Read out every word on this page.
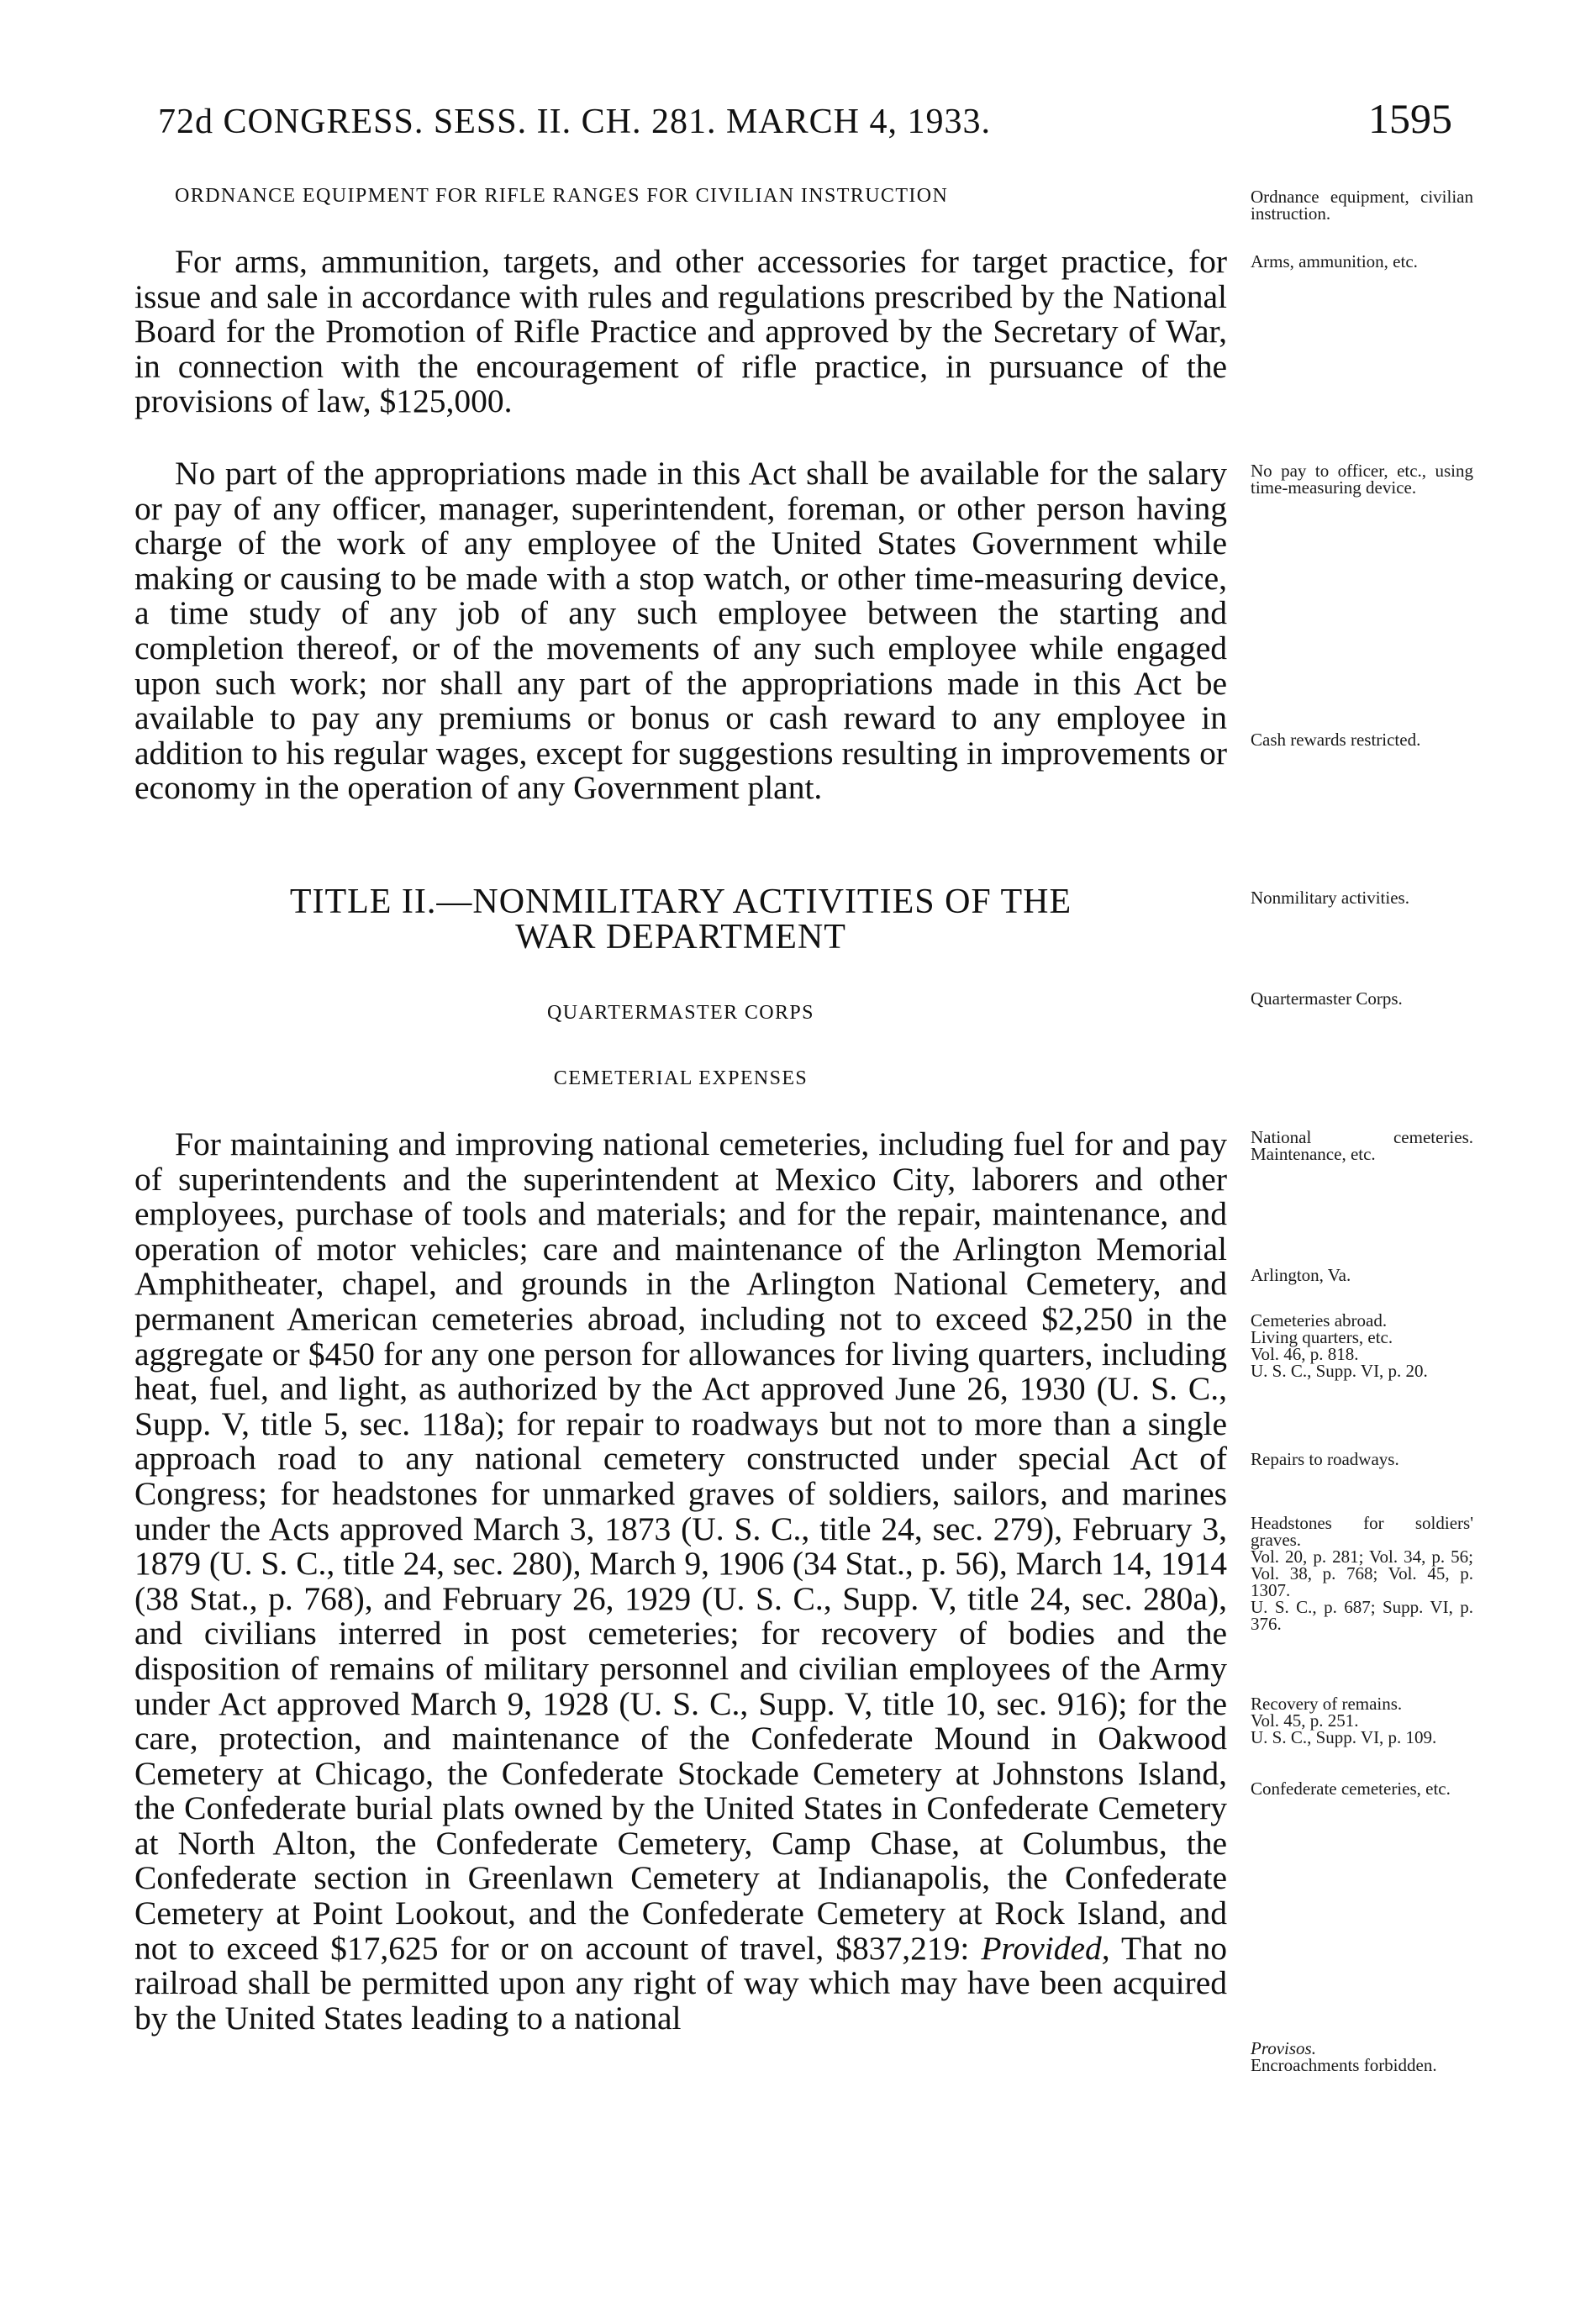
72d CONGRESS. SESS. II. CH. 281. MARCH 4, 1933.	1595
ORDNANCE EQUIPMENT FOR RIFLE RANGES FOR CIVILIAN INSTRUCTION

For arms, ammunition, targets, and other accessories for target practice, for issue and sale in accordance with rules and regulations prescribed by the National Board for the Promotion of Rifle Practice and approved by the Secretary of War, in connection with the encouragement of rifle practice, in pursuance of the provisions of law, $125,000.

No part of the appropriations made in this Act shall be available for the salary or pay of any officer, manager, superintendent, foreman, or other person having charge of the work of any employee of the United States Government while making or causing to be made with a stop watch, or other time-measuring device, a time study of any job of any such employee between the starting and completion thereof, or of the movements of any such employee while engaged upon such work; nor shall any part of the appropriations made in this Act be available to pay any premiums or bonus or cash reward to any employee in addition to his regular wages, except for suggestions resulting in improvements or economy in the operation of any Government plant.

TITLE II.—NONMILITARY ACTIVITIES OF THE
WAR DEPARTMENT
QUARTERMASTER CORPS
CEMETERIAL EXPENSES

For maintaining and improving national cemeteries, including fuel for and pay of superintendents and the superintendent at Mexico City, laborers and other employees, purchase of tools and materials; and for the repair, maintenance, and operation of motor vehicles; care and maintenance of the Arlington Memorial Amphitheater, chapel, and grounds in the Arlington National Cemetery, and permanent American cemeteries abroad, including not to exceed $2,250 in the aggregate or $450 for any one person for allowances for living quarters, including heat, fuel, and light, as authorized by the Act approved June 26, 1930 (U. S. C., Supp. V, title 5, sec. 118a); for repair to roadways but not to more than a single approach road to any national cemetery constructed under special Act of Congress; for headstones for unmarked graves of soldiers, sailors, and marines under the Acts approved March 3, 1873 (U. S. C., title 24, sec. 279), February 3, 1879 (U. S. C., title 24, sec. 280), March 9, 1906 (34 Stat., p. 56), March 14, 1914 (38 Stat., p. 768), and February 26, 1929 (U. S. C., Supp. V, title 24, sec. 280a), and civilians interred in post cemeteries; for recovery of bodies and the disposition of remains of military personnel and civilian employees of the Army under Act approved March 9, 1928 (U. S. C., Supp. V, title 10, sec. 916); for the care, protection, and maintenance of the Confederate Mound in Oakwood Cemetery at Chicago, the Confederate Stockade Cemetery at Johnstons Island, the Confederate burial plats owned by the United States in Confederate Cemetery at North Alton, the Confederate Cemetery, Camp Chase, at Columbus, the Confederate section in Greenlawn Cemetery at Indianapolis, the Confederate Cemetery at Point Lookout, and the Confederate Cemetery at Rock Island, and not to exceed $17,625 for or on account of travel, $837,219: Provided, That no railroad shall be permitted upon any right of way which may have been acquired by the United States leading to a national

Ordnance equipment, civilian instruction.
Arms, ammunition, etc.
No pay to officer, etc., using time-measuring device.
Cash rewards restricted.
Nonmilitary activities.
Quartermaster Corps.
National cemeteries. Maintenance, etc.
Arlington, Va.
Cemeteries abroad.
Living quarters, etc.
Vol. 46, p. 818.
U. S. C., Supp. VI, p. 20.
Repairs to roadways.
Headstones for soldiers' graves.
Vol. 20, p. 281; Vol. 34, p. 56; Vol. 38, p. 768; Vol. 45, p. 1307.
U. S. C., p. 687; Supp. VI, p. 376.
Recovery of remains.
Vol. 45, p. 251.
U. S. C., Supp. VI, p. 109.
Confederate cemeteries, etc.
Provisos.
Encroachments forbidden.
